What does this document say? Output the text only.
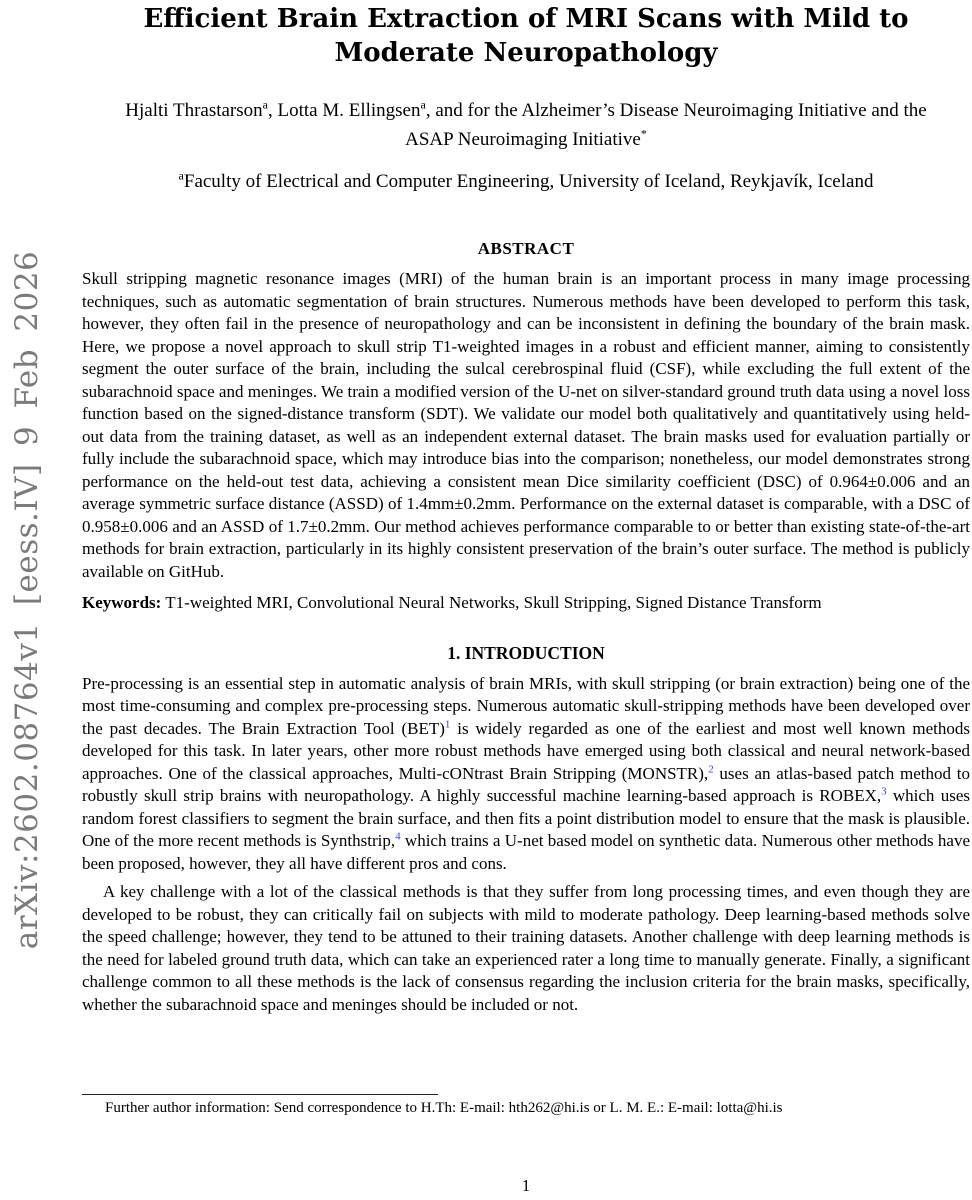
arXiv:2602.08764v1 [eess.IV] 9 Feb 2026
Efficient Brain Extraction of MRI Scans with Mild to Moderate Neuropathology

Hjalti Thrastarson$^a$, Lotta M. Ellingsen$^a$, and for the Alzheimer’s Disease Neuroimaging Initiative and the ASAP Neuroimaging Initiative*

$^a$Faculty of Electrical and Computer Engineering, University of Iceland, Reykjavík, Iceland

ABSTRACT

Skull stripping magnetic resonance images (MRI) of the human brain is an important process in many image processing techniques, such as automatic segmentation of brain structures. Numerous methods have been developed to perform this task, however, they often fail in the presence of neuropathology and can be inconsistent in defining the boundary of the brain mask. Here, we propose a novel approach to skull strip T1-weighted images in a robust and efficient manner, aiming to consistently segment the outer surface of the brain, including the sulcal cerebrospinal fluid (CSF), while excluding the full extent of the subarachnoid space and meninges. We train a modified version of the U-net on silver-standard ground truth data using a novel loss function based on the signed-distance transform (SDT). We validate our model both qualitatively and quantitatively using held-out data from the training dataset, as well as an independent external dataset. The brain masks used for evaluation partially or fully include the subarachnoid space, which may introduce bias into the comparison; nonetheless, our model demonstrates strong performance on the held-out test data, achieving a consistent mean Dice similarity coefficient (DSC) of 0.964±0.006 and an average symmetric surface distance (ASSD) of 1.4mm±0.2mm. Performance on the external dataset is comparable, with a DSC of 0.958±0.006 and an ASSD of 1.7±0.2mm. Our method achieves performance comparable to or better than existing state-of-the-art methods for brain extraction, particularly in its highly consistent preservation of the brain’s outer surface. The method is publicly available on GitHub.

Keywords: T1-weighted MRI, Convolutional Neural Networks, Skull Stripping, Signed Distance Transform

1. INTRODUCTION

Pre-processing is an essential step in automatic analysis of brain MRIs, with skull stripping (or brain extraction) being one of the most time-consuming and complex pre-processing steps. Numerous automatic skull-stripping methods have been developed over the past decades. The Brain Extraction Tool (BET)$^1$ is widely regarded as one of the earliest and most well known methods developed for this task. In later years, other more robust methods have emerged using both classical and neural network-based approaches. One of the classical approaches, Multi-cONtrast Brain Stripping (MONSTR),$^2$ uses an atlas-based patch method to robustly skull strip brains with neuropathology. A highly successful machine learning-based approach is ROBEX,$^3$ which uses random forest classifiers to segment the brain surface, and then fits a point distribution model to ensure that the mask is plausible. One of the more recent methods is Synthstrip,$^4$ which trains a U-net based model on synthetic data. Numerous other methods have been proposed, however, they all have different pros and cons.

A key challenge with a lot of the classical methods is that they suffer from long processing times, and even though they are developed to be robust, they can critically fail on subjects with mild to moderate pathology. Deep learning-based methods solve the speed challenge; however, they tend to be attuned to their training datasets. Another challenge with deep learning methods is the need for labeled ground truth data, which can take an experienced rater a long time to manually generate. Finally, a significant challenge common to all these methods is the lack of consensus regarding the inclusion criteria for the brain masks, specifically, whether the subarachnoid space and meninges should be included or not.

Further author information: Send correspondence to H.Th: E-mail: hth262@hi.is or L. M. E.: E-mail: lotta@hi.is

1
